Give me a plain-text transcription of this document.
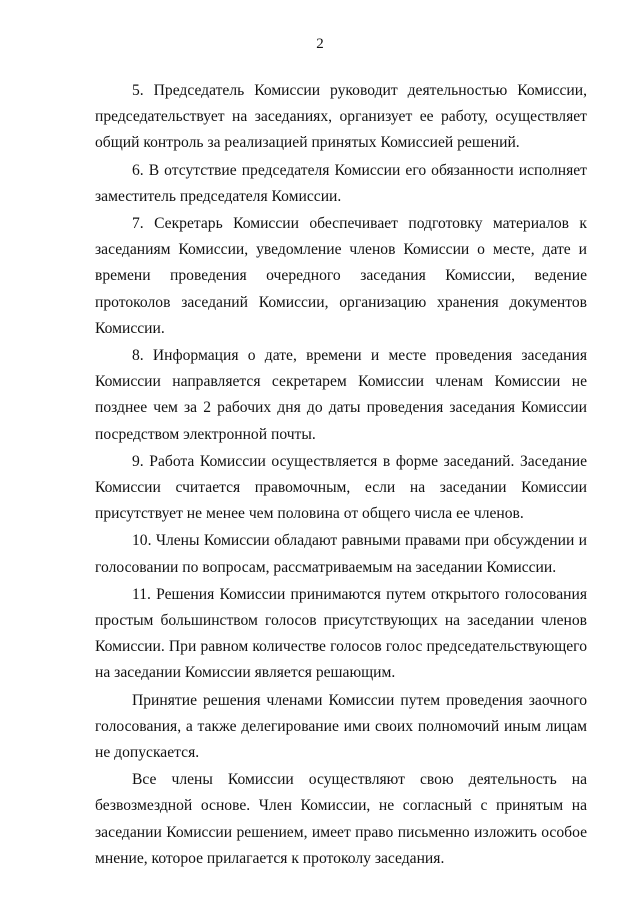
2

5. Председатель Комиссии руководит деятельностью Комиссии, председательствует на заседаниях, организует ее работу, осуществляет общий контроль за реализацией принятых Комиссией решений.

6. В отсутствие председателя Комиссии его обязанности исполняет заместитель председателя Комиссии.

7. Секретарь Комиссии обеспечивает подготовку материалов к заседаниям Комиссии, уведомление членов Комиссии о месте, дате и времени проведения очередного заседания Комиссии, ведение протоколов заседаний Комиссии, организацию хранения документов Комиссии.

8. Информация о дате, времени и месте проведения заседания Комиссии направляется секретарем Комиссии членам Комиссии не позднее чем за 2 рабочих дня до даты проведения заседания Комиссии посредством электронной почты.

9. Работа Комиссии осуществляется в форме заседаний. Заседание Комиссии считается правомочным, если на заседании Комиссии присутствует не менее чем половина от общего числа ее членов.

10. Члены Комиссии обладают равными правами при обсуждении и голосовании по вопросам, рассматриваемым на заседании Комиссии.

11. Решения Комиссии принимаются путем открытого голосования простым большинством голосов присутствующих на заседании членов Комиссии. При равном количестве голосов голос председательствующего на заседании Комиссии является решающим.

Принятие решения членами Комиссии путем проведения заочного голосования, а также делегирование ими своих полномочий иным лицам не допускается.

Все члены Комиссии осуществляют свою деятельность на безвозмездной основе. Член Комиссии, не согласный с принятым на заседании Комиссии решением, имеет право письменно изложить особое мнение, которое прилагается к протоколу заседания.
